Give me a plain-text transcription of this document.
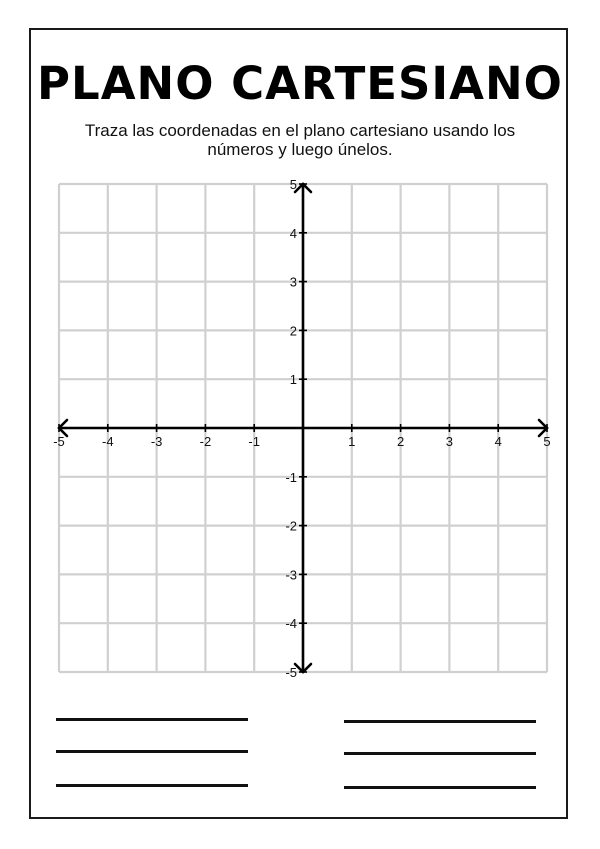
PLANO CARTESIANO

Traza las coordenadas en el plano cartesiano usando los números y luego únelos.

-5	-4	-3	-2	-1	1	2	3	4	5
5
4
3
2
1
-1
-2
-3
-4
-5
